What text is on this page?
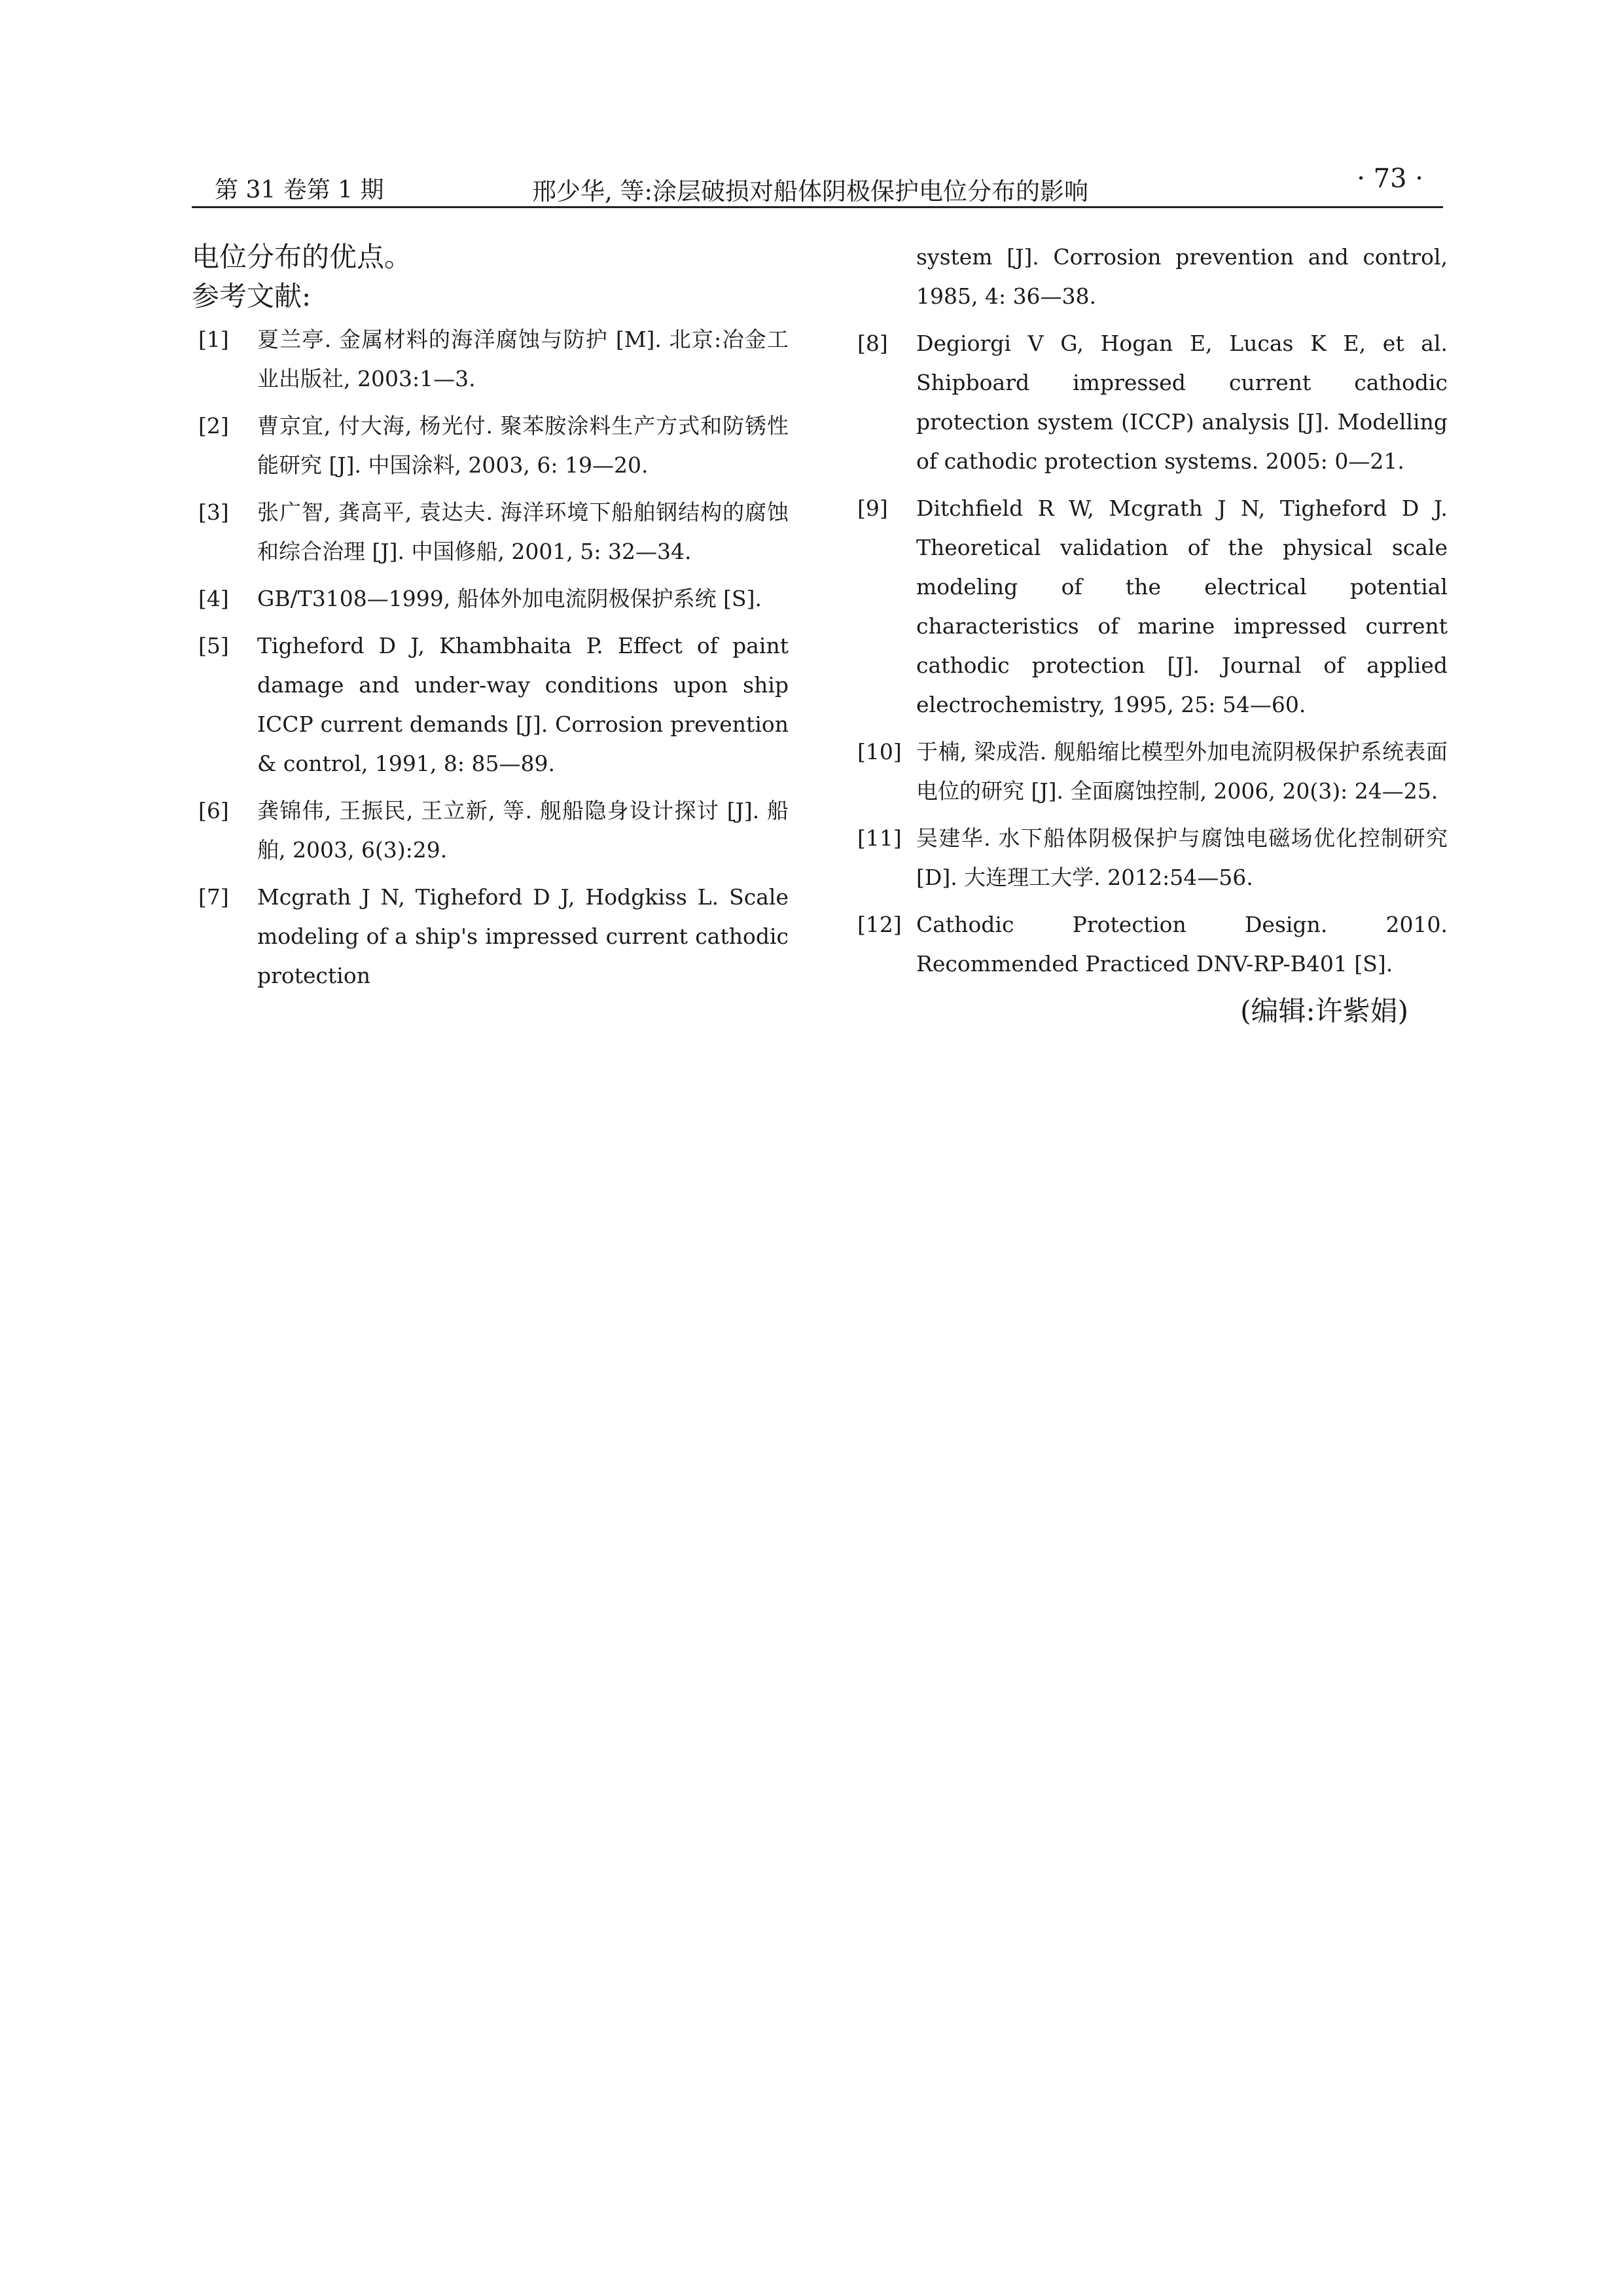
第 31 卷第 1 期	邢少华, 等:涂层破损对船体阴极保护电位分布的影响	· 73 ·

电位分布的优点。

参考文献:

[1] 夏兰亭. 金属材料的海洋腐蚀与防护 [M]. 北京:冶金工业出版社, 2003:1—3.
[2] 曹京宜, 付大海, 杨光付. 聚苯胺涂料生产方式和防锈性能研究 [J]. 中国涂料, 2003, 6: 19—20.
[3] 张广智, 龚高平, 袁达夫. 海洋环境下船舶钢结构的腐蚀和综合治理 [J]. 中国修船, 2001, 5: 32—34.
[4] GB/T3108—1999, 船体外加电流阴极保护系统 [S].
[5] Tigheford D J, Khambhaita P. Effect of paint damage and under-way conditions upon ship ICCP current demands [J]. Corrosion prevention & control, 1991, 8: 85—89.
[6] 龚锦伟, 王振民, 王立新, 等. 舰船隐身设计探讨 [J]. 船舶, 2003, 6(3):29.
[7] Mcgrath J N, Tigheford D J, Hodgkiss L. Scale modeling of a ship's impressed current cathodic protection
system [J]. Corrosion prevention and control, 1985, 4: 36—38.
[8] Degiorgi V G, Hogan E, Lucas K E, et al. Shipboard impressed current cathodic protection system (ICCP) analysis [J]. Modelling of cathodic protection systems. 2005: 0—21.
[9] Ditchfield R W, Mcgrath J N, Tigheford D J. Theoretical validation of the physical scale modeling of the electrical potential characteristics of marine impressed current cathodic protection [J]. Journal of applied electrochemistry, 1995, 25: 54—60.
[10] 于楠, 梁成浩. 舰船缩比模型外加电流阴极保护系统表面电位的研究 [J]. 全面腐蚀控制, 2006, 20(3): 24—25.
[11] 吴建华. 水下船体阴极保护与腐蚀电磁场优化控制研究 [D]. 大连理工大学. 2012:54—56.
[12] Cathodic Protection Design. 2010. Recommended Practiced DNV-RP-B401 [S].

(编辑:许紫娟)
